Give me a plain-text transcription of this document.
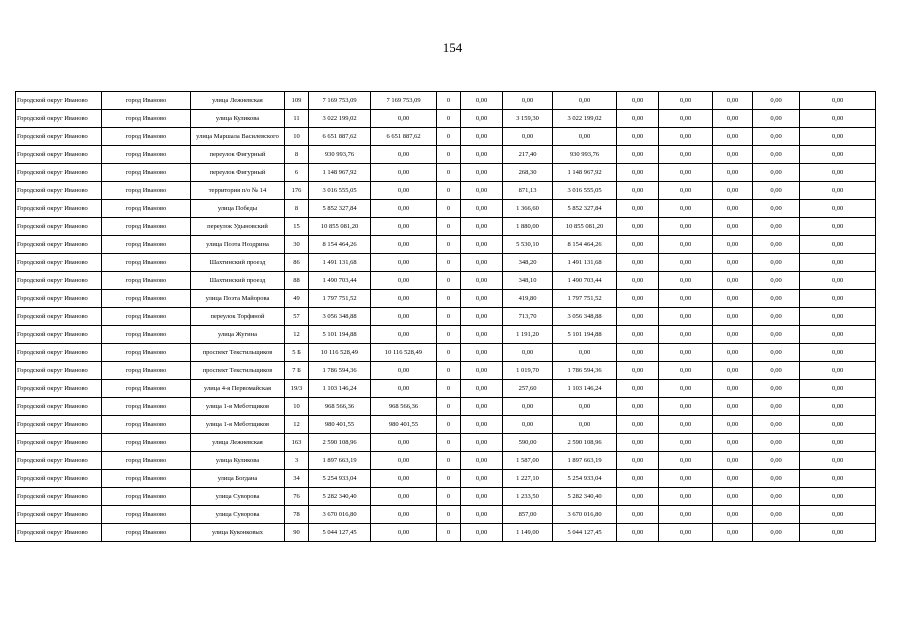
154
Городской округ Иваново	город Иваново	улица Лежневская	109	7 169 753,09	7 169 753,09	0	0,00	0,00	0,00	0,00	0,00	0,00	0,00	0,00
Городской округ Иваново	город Иваново	улица Куликова	11	3 022 199,02	0,00	0	0,00	3 159,30	3 022 199,02	0,00	0,00	0,00	0,00	0,00
Городской округ Иваново	город Иваново	улица Маршала Василевского	10	6 651 887,62	6 651 887,62	0	0,00	0,00	0,00	0,00	0,00	0,00	0,00	0,00
Городской округ Иваново	город Иваново	переулок Фигурный	8	930 993,76	0,00	0	0,00	217,40	930 993,76	0,00	0,00	0,00	0,00	0,00
Городской округ Иваново	город Иваново	переулок Фигурный	6	1 148 967,92	0,00	0	0,00	268,30	1 148 967,92	0,00	0,00	0,00	0,00	0,00
Городской округ Иваново	город Иваново	территория п/о № 14	176	3 016 555,05	0,00	0	0,00	871,13	3 016 555,05	0,00	0,00	0,00	0,00	0,00
Городской округ Иваново	город Иваново	улица Победы	8	5 852 327,84	0,00	0	0,00	1 366,60	5 852 327,84	0,00	0,00	0,00	0,00	0,00
Городской округ Иваново	город Иваново	переулок Удыновский	15	10 855 081,20	0,00	0	0,00	1 880,00	10 855 081,20	0,00	0,00	0,00	0,00	0,00
Городской округ Иваново	город Иваново	улица Поэта Ноздрина	30	8 154 464,26	0,00	0	0,00	5 530,10	8 154 464,26	0,00	0,00	0,00	0,00	0,00
Городской округ Иваново	город Иваново	Шахтинский проезд	86	1 491 131,68	0,00	0	0,00	348,20	1 491 131,68	0,00	0,00	0,00	0,00	0,00
Городской округ Иваново	город Иваново	Шахтинский проезд	88	1 490 703,44	0,00	0	0,00	348,10	1 490 703,44	0,00	0,00	0,00	0,00	0,00
Городской округ Иваново	город Иваново	улица Поэта Майорова	49	1 797 751,52	0,00	0	0,00	419,80	1 797 751,52	0,00	0,00	0,00	0,00	0,00
Городской округ Иваново	город Иваново	переулок Торфяной	57	3 056 348,88	0,00	0	0,00	713,70	3 056 348,88	0,00	0,00	0,00	0,00	0,00
Городской округ Иваново	город Иваново	улица Жугина	12	5 101 194,88	0,00	0	0,00	1 191,20	5 101 194,88	0,00	0,00	0,00	0,00	0,00
Городской округ Иваново	город Иваново	проспект Текстильщиков	5 Б	10 116 528,49	10 116 528,49	0	0,00	0,00	0,00	0,00	0,00	0,00	0,00	0,00
Городской округ Иваново	город Иваново	проспект Текстильщиков	7 Б	1 786 594,36	0,00	0	0,00	1 019,70	1 786 594,36	0,00	0,00	0,00	0,00	0,00
Городской округ Иваново	город Иваново	улица 4-я Первомайская	19/3	1 103 146,24	0,00	0	0,00	257,60	1 103 146,24	0,00	0,00	0,00	0,00	0,00
Городской округ Иваново	город Иваново	улица 1-я Меботщиков	10	968 566,36	968 566,36	0	0,00	0,00	0,00	0,00	0,00	0,00	0,00	0,00
Городской округ Иваново	город Иваново	улица 1-я Меботщиков	12	980 401,55	980 401,55	0	0,00	0,00	0,00	0,00	0,00	0,00	0,00	0,00
Городской округ Иваново	город Иваново	улица Лежневская	163	2 590 108,96	0,00	0	0,00	590,00	2 590 108,96	0,00	0,00	0,00	0,00	0,00
Городской округ Иваново	город Иваново	улица Куликова	3	1 897 663,19	0,00	0	0,00	1 587,00	1 897 663,19	0,00	0,00	0,00	0,00	0,00
Городской округ Иваново	город Иваново	улица Богдана	34	5 254 933,04	0,00	0	0,00	1 227,10	5 254 933,04	0,00	0,00	0,00	0,00	0,00
Городской округ Иваново	город Иваново	улица Суворова	76	5 282 340,40	0,00	0	0,00	1 233,50	5 282 340,40	0,00	0,00	0,00	0,00	0,00
Городской округ Иваново	город Иваново	улица Суворова	78	3 670 016,80	0,00	0	0,00	857,00	3 670 016,80	0,00	0,00	0,00	0,00	0,00
Городской округ Иваново	город Иваново	улица Куконковых	90	5 044 127,45	0,00	0	0,00	1 149,00	5 044 127,45	0,00	0,00	0,00	0,00	0,00
